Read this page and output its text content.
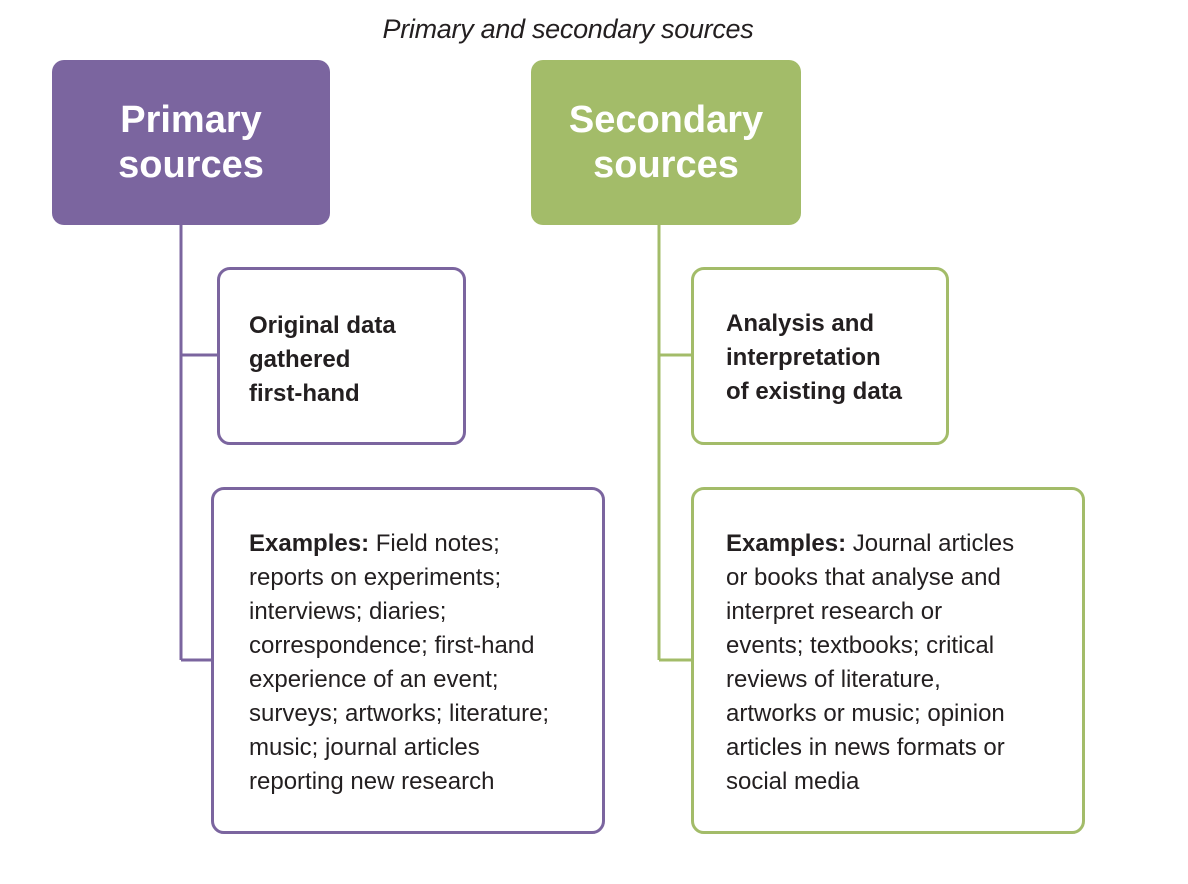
Primary and secondary sources
Primary
sources
Secondary
sources
Original data
gathered
first-hand
Examples: Field notes;
reports on experiments;
interviews; diaries;
correspondence; first-hand
experience of an event;
surveys; artworks; literature;
music; journal articles
reporting new research
Analysis and
interpretation
of existing data
Examples: Journal articles
or books that analyse and
interpret research or
events; textbooks; critical
reviews of literature,
artworks or music; opinion
articles in news formats or
social media
